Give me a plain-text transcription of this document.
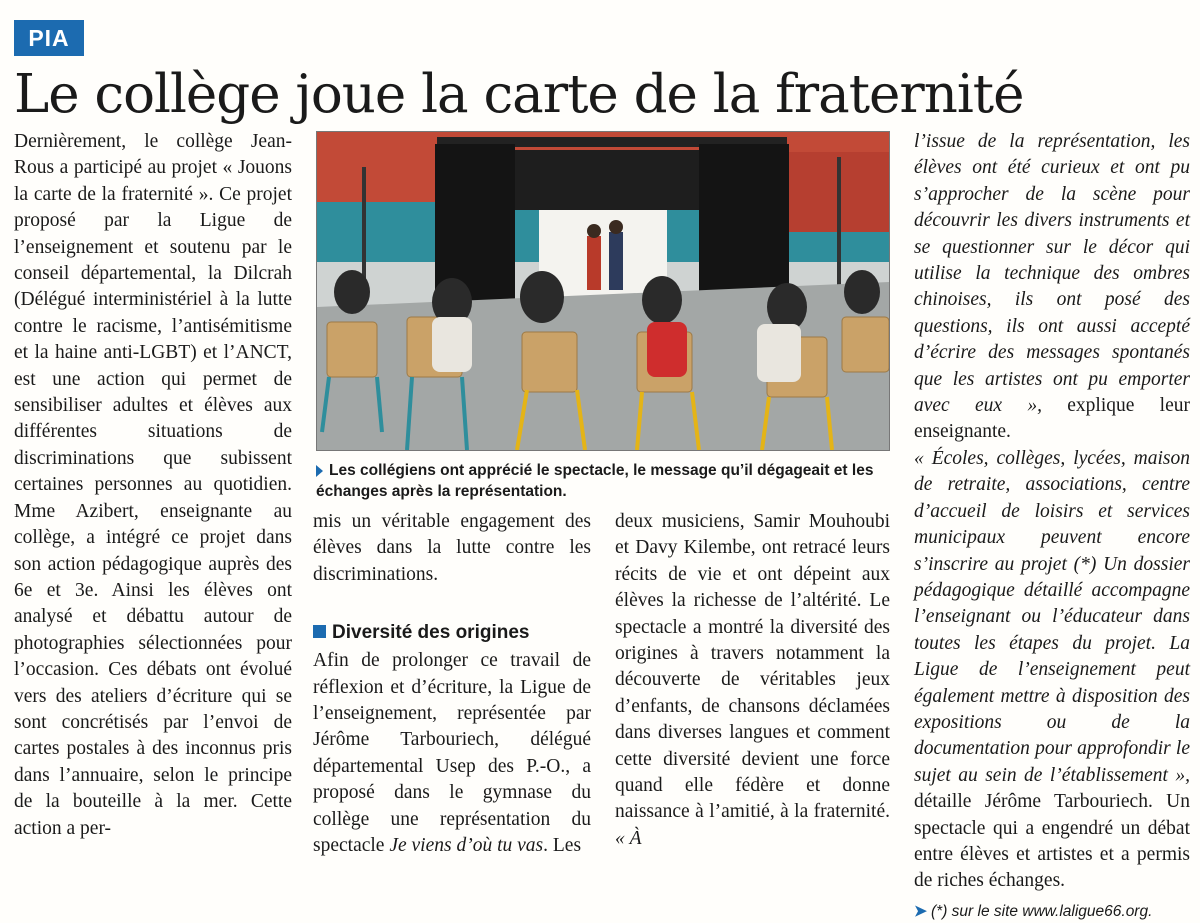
PIA
Le collège joue la carte de la fraternité

Dernièrement, le collège Jean-Rous a participé au projet « Jouons la carte de la fraternité ». Ce projet proposé par la Ligue de l’enseignement et soutenu par le conseil départemental, la Dilcrah (Délégué interministériel à la lutte contre le racisme, l’antisémitisme et la haine anti-LGBT) et l’ANCT, est une action qui permet de sensibiliser adultes et élèves aux différentes situations de discriminations que subissent certaines personnes au quotidien. Mme Azibert, enseignante au collège, a intégré ce projet dans son action pédagogique auprès des 6e et 3e. Ainsi les élèves ont analysé et débattu autour de photographies sélectionnées pour l’occasion. Ces débats ont évolué vers des ateliers d’écriture qui se sont concrétisés par l’envoi de cartes postales à des inconnus pris dans l’annuaire, selon le principe de la bouteille à la mer. Cette action a per-

Les collégiens ont apprécié le spectacle, le message qu’il dégageait et les échanges après la représentation.

mis un véritable engagement des élèves dans la lutte contre les discriminations.

Diversité des origines

Afin de prolonger ce travail de réflexion et d’écriture, la Ligue de l’enseignement, représentée par Jérôme Tarbouriech, délégué départemental Usep des P.-O., a proposé dans le gymnase du collège une représentation du spectacle Je viens d’où tu vas. Les

deux musiciens, Samir Mouhoubi et Davy Kilembe, ont retracé leurs récits de vie et ont dépeint aux élèves la richesse de l’altérité. Le spectacle a montré la diversité des origines à travers notamment la découverte de véritables jeux d’enfants, de chansons déclamées dans diverses langues et comment cette diversité devient une force quand elle fédère et donne naissance à l’amitié, à la fraternité. « À

l’issue de la représentation, les élèves ont été curieux et ont pu s’approcher de la scène pour découvrir les divers instruments et se questionner sur le décor qui utilise la technique des ombres chinoises, ils ont posé des questions, ils ont aussi accepté d’écrire des messages spontanés que les artistes ont pu emporter avec eux », explique leur enseignante.

« Écoles, collèges, lycées, maison de retraite, associations, centre d’accueil de loisirs et services municipaux peuvent encore s’inscrire au projet (*) Un dossier pédagogique détaillé accompagne l’enseignant ou l’éducateur dans toutes les étapes du projet. La Ligue de l’enseignement peut également mettre à disposition des expositions ou de la documentation pour approfondir le sujet au sein de l’établissement », détaille Jérôme Tarbouriech. Un spectacle qui a engendré un débat entre élèves et artistes et a permis de riches échanges.

➤ (*) sur le site www.laligue66.org.
